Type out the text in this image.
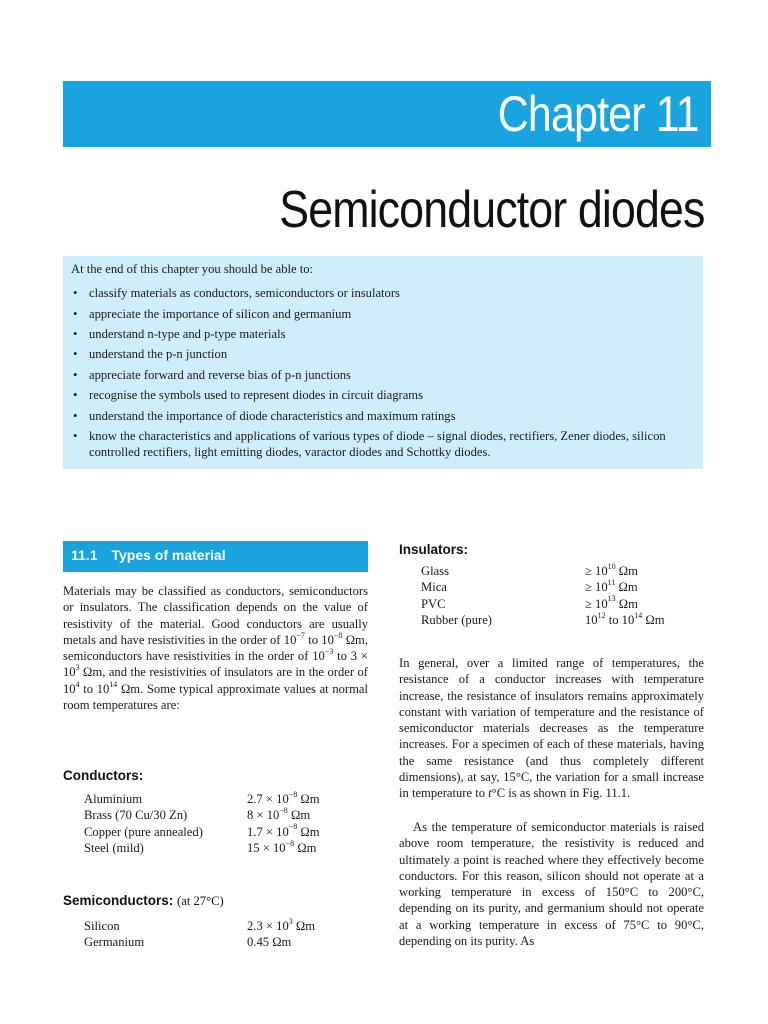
Chapter 11
Semiconductor diodes

At the end of this chapter you should be able to:

• classify materials as conductors, semiconductors or insulators
• appreciate the importance of silicon and germanium
• understand n-type and p-type materials
• understand the p-n junction
• appreciate forward and reverse bias of p-n junctions
• recognise the symbols used to represent diodes in circuit diagrams
• understand the importance of diode characteristics and maximum ratings
• know the characteristics and applications of various types of diode – signal diodes, rectifiers, Zener diodes, silicon controlled rectifiers, light emitting diodes, varactor diodes and Schottky diodes.
11.1 Types of material
Materials may be classified as conductors, semiconductors or insulators. The classification depends on the value of resistivity of the material. Good conductors are usually metals and have resistivities in the order of $10^{-7}$ to $10^{-8}$ Ωm, semiconductors have resistivities in the order of $10^{-3}$ to $3 \times 10^3$ Ωm, and the resistivities of insulators are in the order of $10^4$ to $10^{14}$ Ωm. Some typical approximate values at normal room temperatures are:
Conductors:
Aluminium	$2.7 \times 10^{-8}$ Ωm
Brass (70 Cu/30 Zn)	$8 \times 10^{-8}$ Ωm
Copper (pure annealed)	$1.7 \times 10^{-8}$ Ωm
Steel (mild)	$15 \times 10^{-8}$ Ωm
Semiconductors: (at 27°C)
Silicon	$2.3 \times 10^3$ Ωm
Germanium	0.45 Ωm
Insulators:
Glass	≥ $10^{10}$ Ωm
Mica	≥ $10^{11}$ Ωm
PVC	≥ $10^{13}$ Ωm
Rubber (pure)	$10^{12}$ to $10^{14}$ Ωm
In general, over a limited range of temperatures, the resistance of a conductor increases with temperature increase, the resistance of insulators remains approximately constant with variation of temperature and the resistance of semiconductor materials decreases as the temperature increases. For a specimen of each of these materials, having the same resistance (and thus completely different dimensions), at say, 15°C, the variation for a small increase in temperature to t°C is as shown in Fig. 11.1.
As the temperature of semiconductor materials is raised above room temperature, the resistivity is reduced and ultimately a point is reached where they effectively become conductors. For this reason, silicon should not operate at a working temperature in excess of 150°C to 200°C, depending on its purity, and germanium should not operate at a working temperature in excess of 75°C to 90°C, depending on its purity. As
